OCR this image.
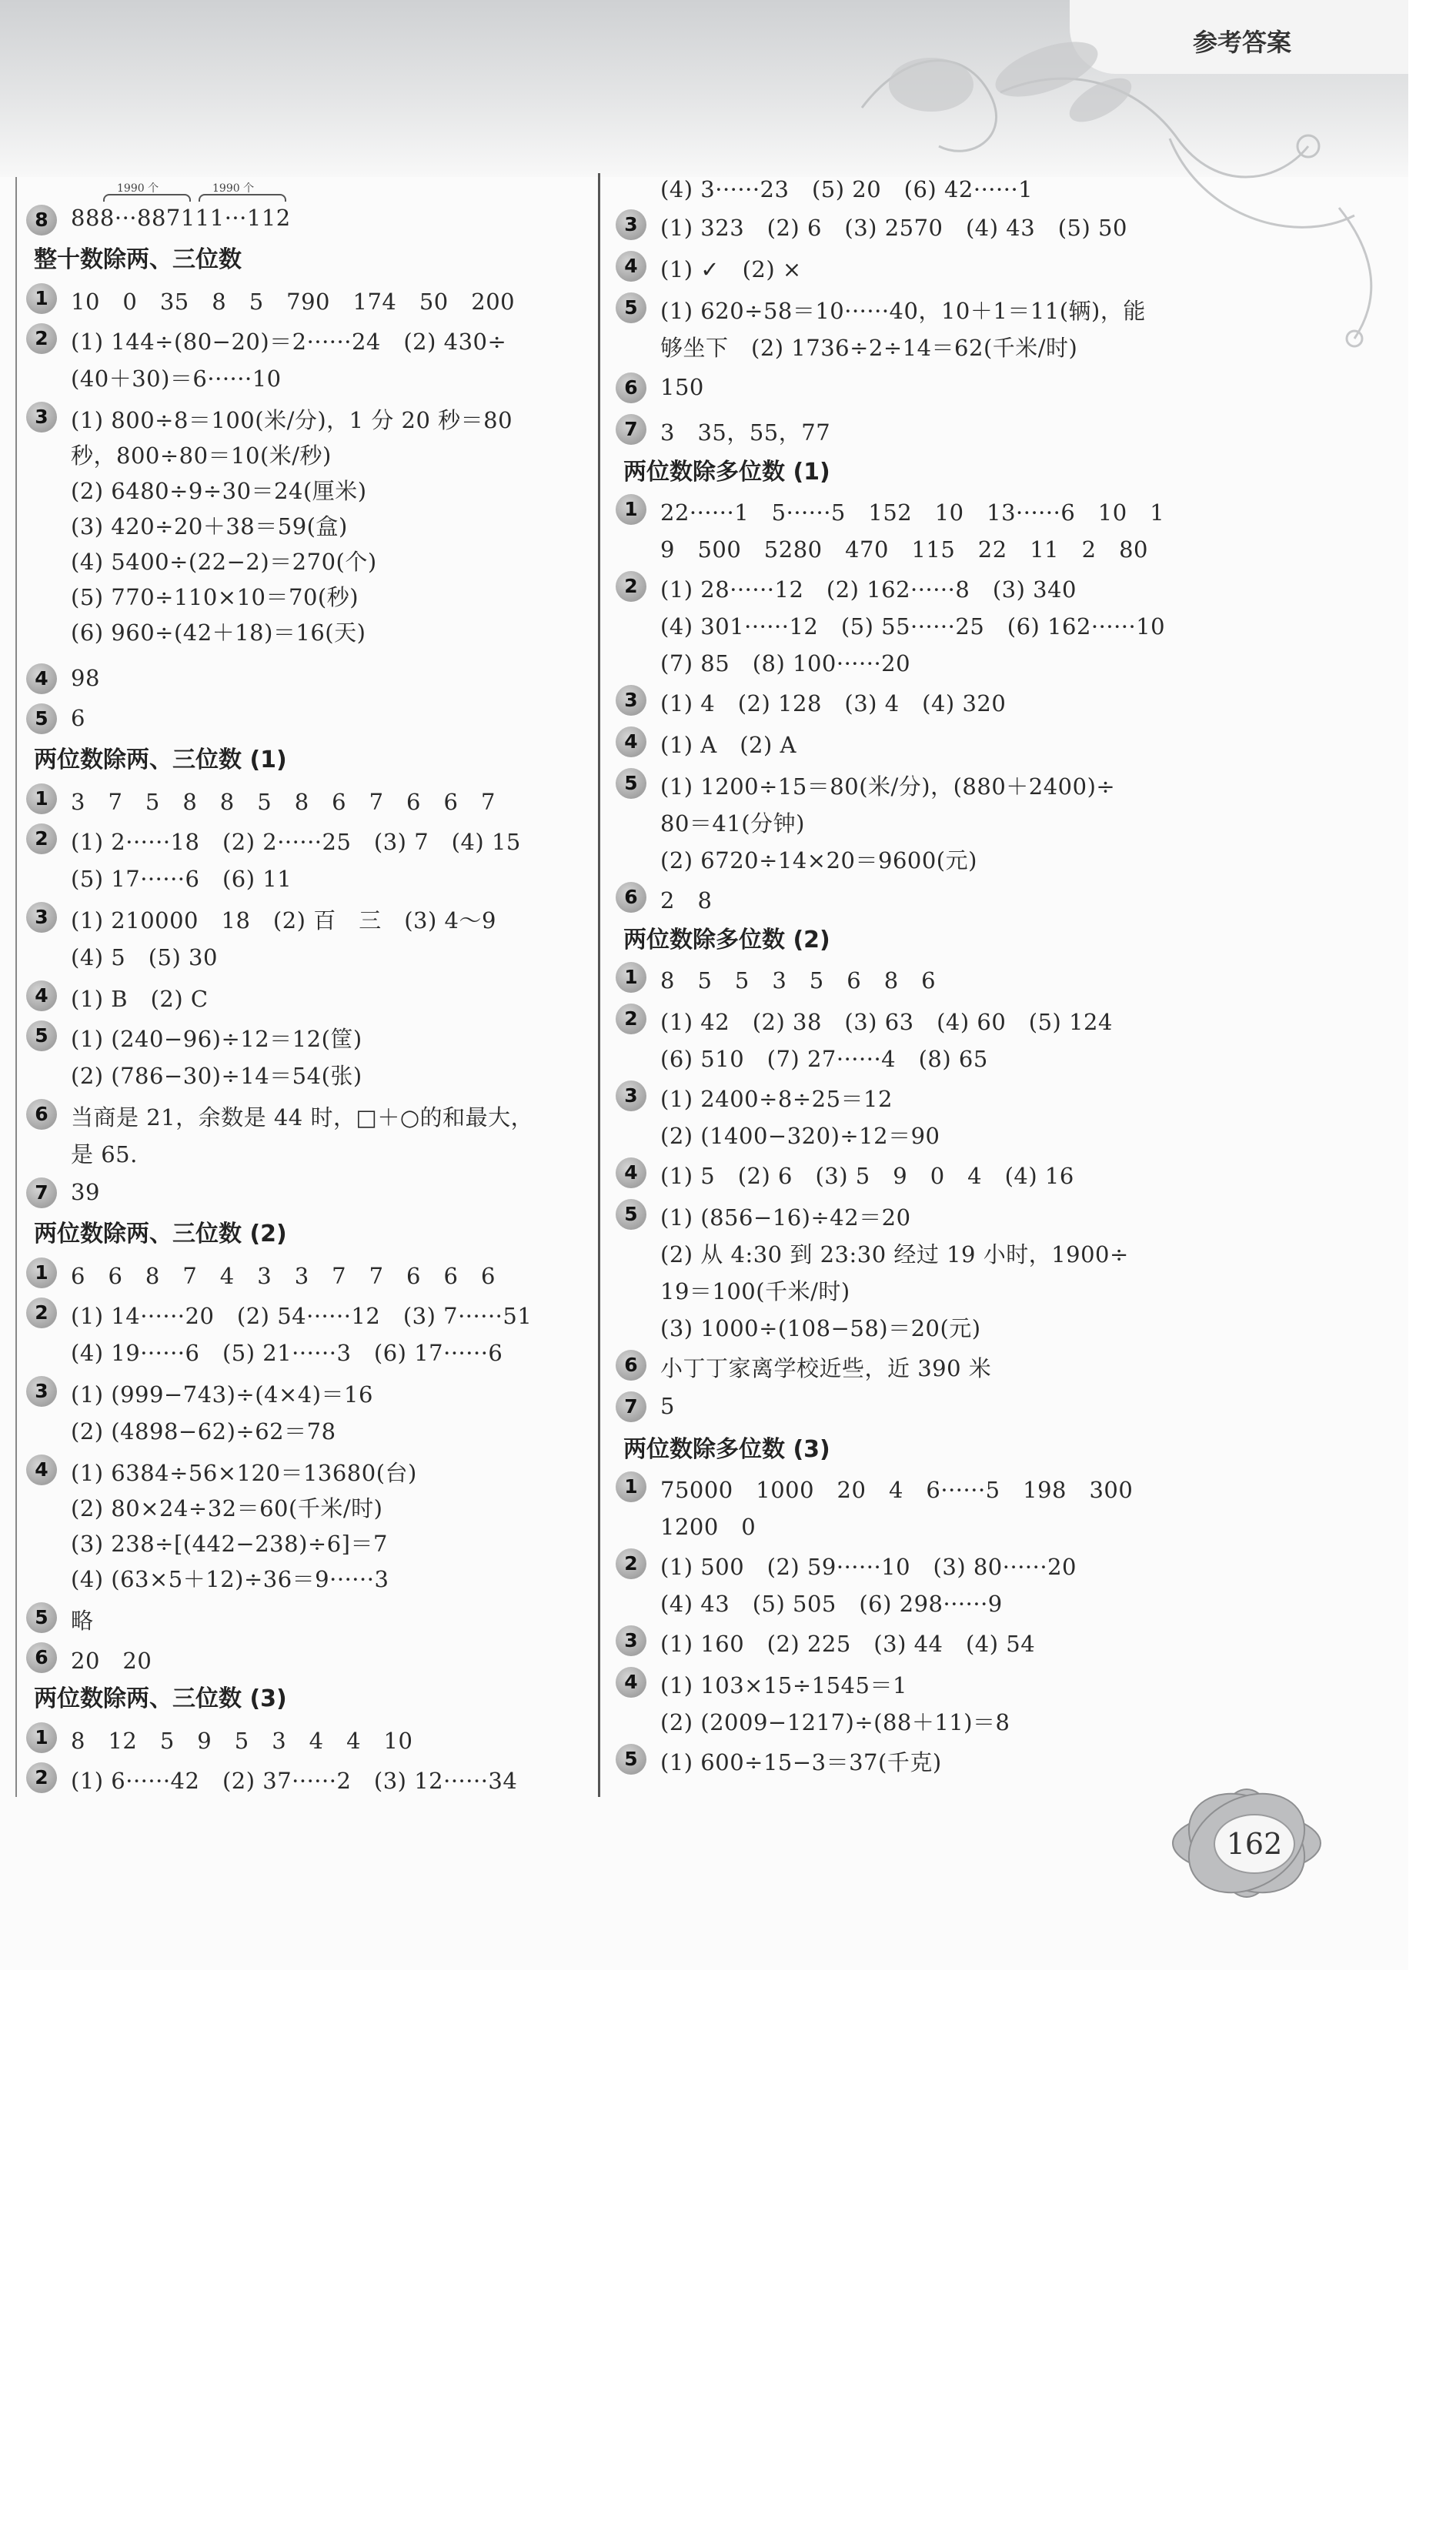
参考答案
8
1990 个	1990 个
888···887111···112
整十数除两、三位数
1	10　0　35　8　5　790　174　50　200
2	(1) 144÷(80−20)＝2······24　(2) 430÷
(40＋30)＝6······10
3	(1) 800÷8＝100(米/分)，1 分 20 秒＝80
秒，800÷80＝10(米/秒)
(2) 6480÷9÷30＝24(厘米)
(3) 420÷20＋38＝59(盒)
(4) 5400÷(22−2)＝270(个)
(5) 770÷110×10＝70(秒)
(6) 960÷(42＋18)＝16(天)
4	98
5	6
两位数除两、三位数 (1)
1	3　7　5　8　8　5　8　6　7　6　6　7
2	(1) 2······18　(2) 2······25　(3) 7　(4) 15
(5) 17······6　(6) 11
3	(1) 210000　18　(2) 百　三　(3) 4～9
(4) 5　(5) 30
4	(1) B　(2) C
5	(1) (240−96)÷12＝12(筐)
(2) (786−30)÷14＝54(张)
6	当商是 21，余数是 44 时，□＋○的和最大，
是 65.
7	39
两位数除两、三位数 (2)
1	6　6　8　7　4　3　3　7　7　6　6　6
2	(1) 14······20　(2) 54······12　(3) 7······51
(4) 19······6　(5) 21······3　(6) 17······6
3	(1) (999−743)÷(4×4)＝16
(2) (4898−62)÷62＝78
4	(1) 6384÷56×120＝13680(台)
(2) 80×24÷32＝60(千米/时)
(3) 238÷[(442−238)÷6]＝7
(4) (63×5＋12)÷36＝9······3
5	略
6	20　20
两位数除两、三位数 (3)
1	8　12　5　9　5　3　4　4　10
2	(1) 6······42　(2) 37······2　(3) 12······34
(4) 3······23　(5) 20　(6) 42······1
3	(1) 323　(2) 6　(3) 2570　(4) 43　(5) 50
4	(1) ✓　(2) ×
5	(1) 620÷58＝10······40，10＋1＝11(辆)，能
够坐下　(2) 1736÷2÷14＝62(千米/时)
6	150
7	3　35，55，77
两位数除多位数 (1)
1	22······1　5······5　152　10　13······6　10　1
9　500　5280　470　115　22　11　2　80
2	(1) 28······12　(2) 162······8　(3) 340
(4) 301······12　(5) 55······25　(6) 162······10
(7) 85　(8) 100······20
3	(1) 4　(2) 128　(3) 4　(4) 320
4	(1) A　(2) A
5	(1) 1200÷15＝80(米/分)，(880＋2400)÷
80＝41(分钟)
(2) 6720÷14×20＝9600(元)
6	2　8
两位数除多位数 (2)
1	8　5　5　3　5　6　8　6
2	(1) 42　(2) 38　(3) 63　(4) 60　(5) 124
(6) 510　(7) 27······4　(8) 65
3	(1) 2400÷8÷25＝12
(2) (1400−320)÷12＝90
4	(1) 5　(2) 6　(3) 5　9　0　4　(4) 16
5	(1) (856−16)÷42＝20
(2) 从 4:30 到 23:30 经过 19 小时，1900÷
19＝100(千米/时)
(3) 1000÷(108−58)＝20(元)
6	小丁丁家离学校近些，近 390 米
7	5
两位数除多位数 (3)
1	75000　1000　20　4　6······5　198　300
1200　0
2	(1) 500　(2) 59······10　(3) 80······20
(4) 43　(5) 505　(6) 298······9
3	(1) 160　(2) 225　(3) 44　(4) 54
4	(1) 103×15÷1545＝1
(2) (2009−1217)÷(88＋11)＝8
5	(1) 600÷15−3＝37(千克)
162
